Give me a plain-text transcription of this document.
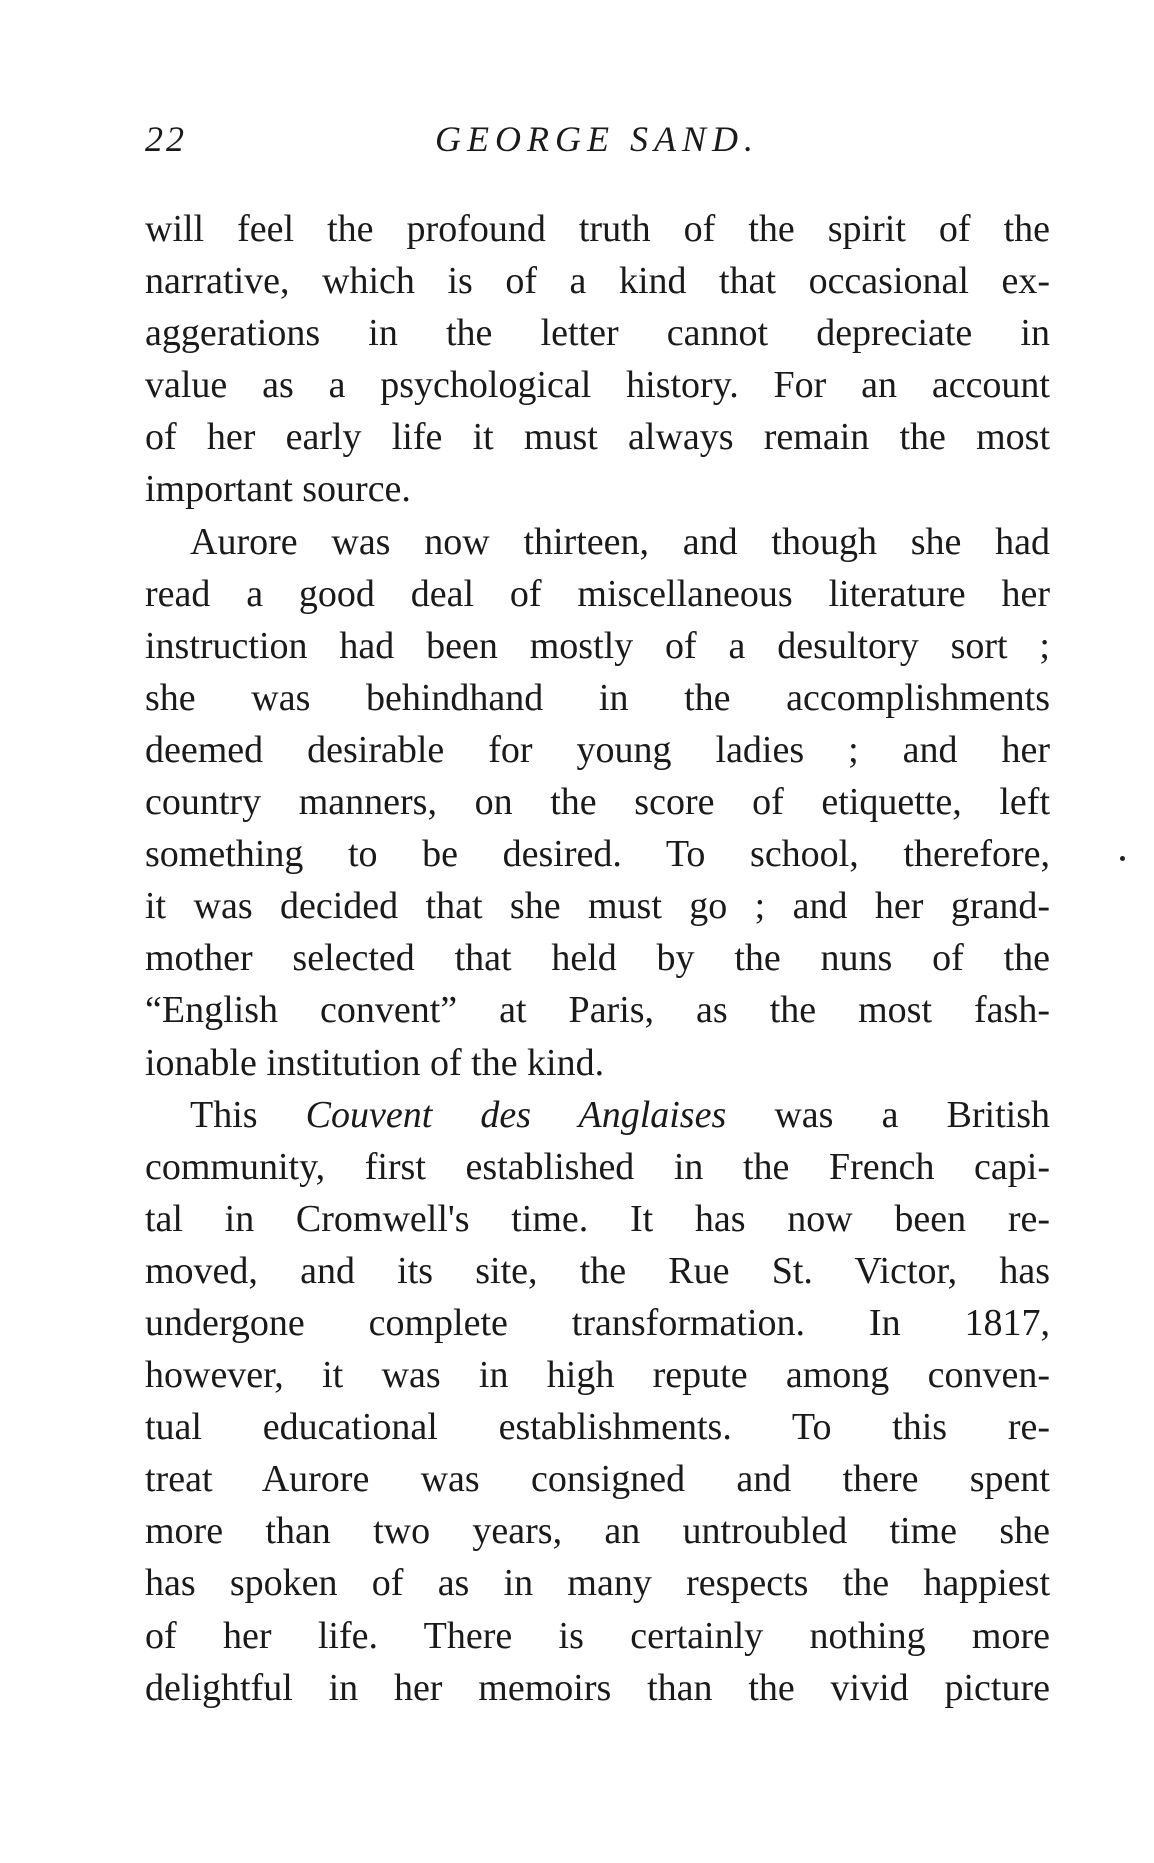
22	GEORGE SAND.
will feel the profound truth of the spirit of the
narrative, which is of a kind that occasional ex-
aggerations in the letter cannot depreciate in
value as a psychological history. For an account
of her early life it must always remain the most
important source.
Aurore was now thirteen, and though she had
read a good deal of miscellaneous literature her
instruction had been mostly of a desultory sort ;
she was behindhand in the accomplishments
deemed desirable for young ladies ; and her
country manners, on the score of etiquette, left
something to be desired. To school, therefore,
it was decided that she must go ; and her grand-
mother selected that held by the nuns of the
“English convent” at Paris, as the most fash-
ionable institution of the kind.
This Couvent des Anglaises was a British
community, first established in the French capi-
tal in Cromwell's time. It has now been re-
moved, and its site, the Rue St. Victor, has
undergone complete transformation. In 1817,
however, it was in high repute among conven-
tual educational establishments. To this re-
treat Aurore was consigned and there spent
more than two years, an untroubled time she
has spoken of as in many respects the happiest
of her life. There is certainly nothing more
delightful in her memoirs than the vivid picture
